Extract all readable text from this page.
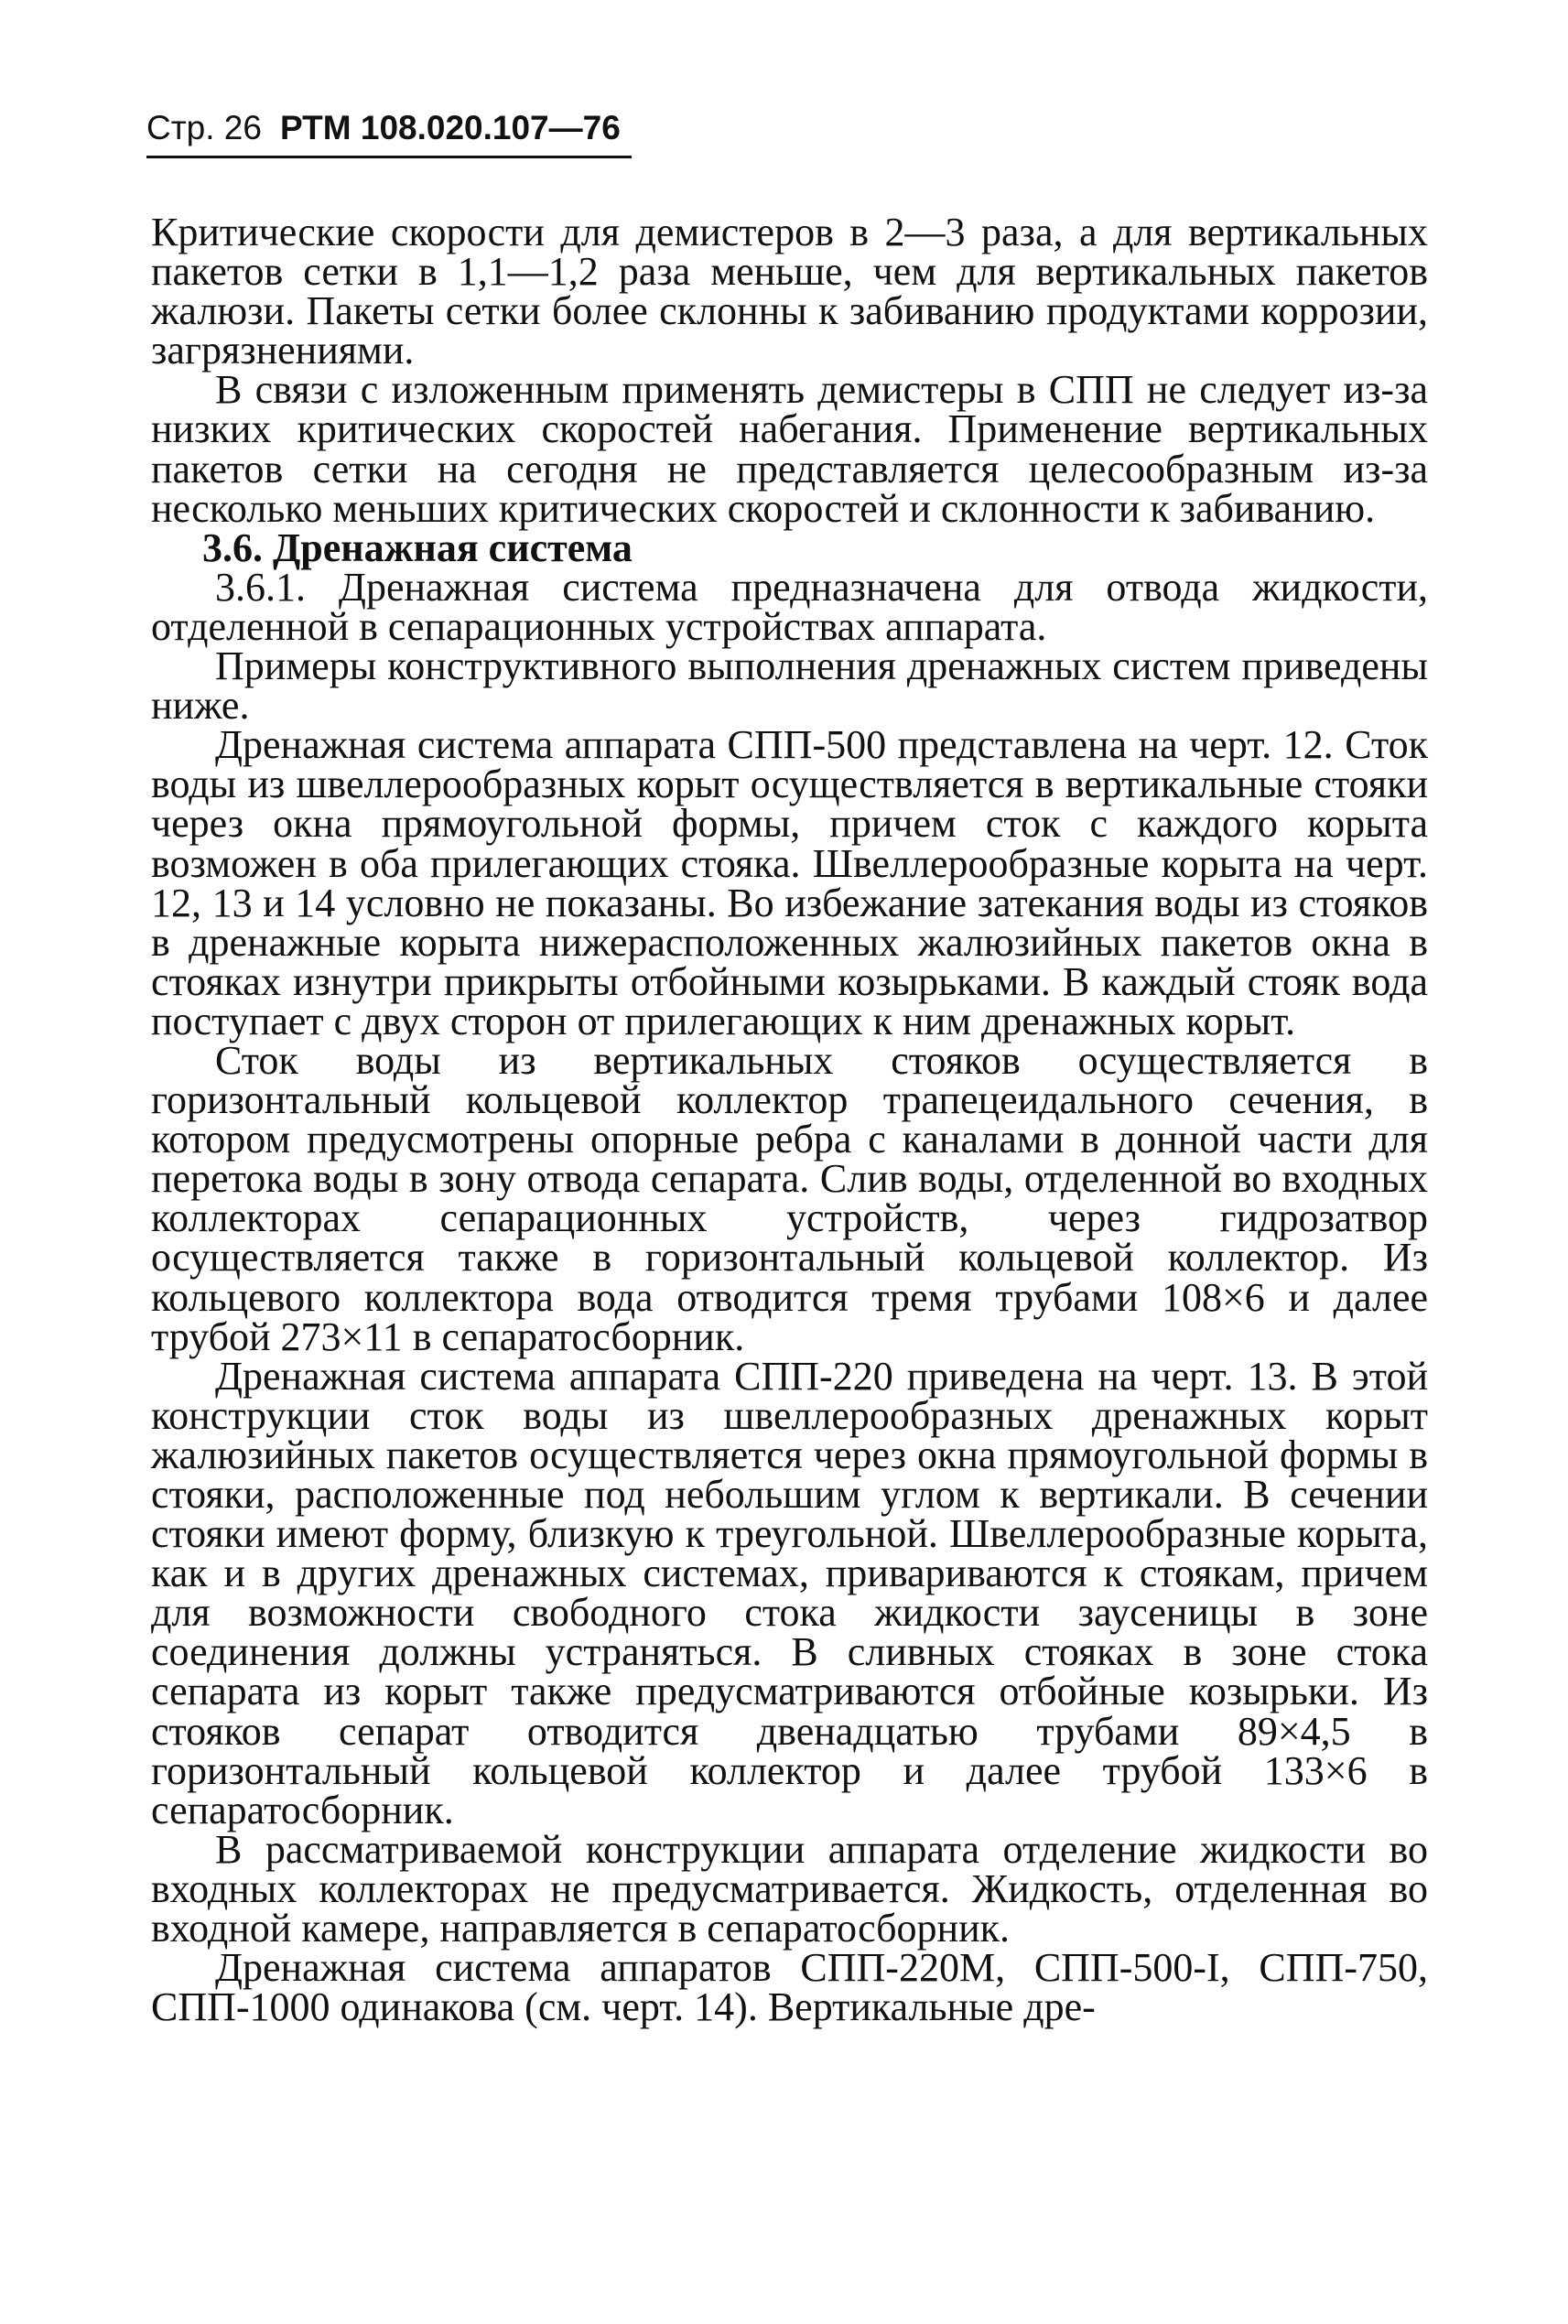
Стр. 26 РТМ 108.020.107—76

Критические скорости для демистеров в 2—3 раза, а для вертикальных пакетов сетки в 1,1—1,2 раза меньше, чем для вертикальных пакетов жалюзи. Пакеты сетки более склонны к забиванию продуктами коррозии, загрязнениями.

В связи с изложенным применять демистеры в СПП не следует из-за низких критических скоростей набегания. Применение вертикальных пакетов сетки на сегодня не представляется целесообразным из-за несколько меньших критических скоростей и склонности к забиванию.

3.6. Дренажная система

3.6.1. Дренажная система предназначена для отвода жидкости, отделенной в сепарационных устройствах аппарата.

Примеры конструктивного выполнения дренажных систем приведены ниже.

Дренажная система аппарата СПП-500 представлена на черт. 12. Сток воды из швеллерообразных корыт осуществляется в вертикальные стояки через окна прямоугольной формы, причем сток с каждого корыта возможен в оба прилегающих стояка. Швеллерообразные корыта на черт. 12, 13 и 14 условно не показаны. Во избежание затекания воды из стояков в дренажные корыта нижерасположенных жалюзийных пакетов окна в стояках изнутри прикрыты отбойными козырьками. В каждый стояк вода поступает с двух сторон от прилегающих к ним дренажных корыт.

Сток воды из вертикальных стояков осуществляется в горизонтальный кольцевой коллектор трапецеидального сечения, в котором предусмотрены опорные ребра с каналами в донной части для перетока воды в зону отвода сепарата. Слив воды, отделенной во входных коллекторах сепарационных устройств, через гидрозатвор осуществляется также в горизонтальный кольцевой коллектор. Из кольцевого коллектора вода отводится тремя трубами 108×6 и далее трубой 273×11 в сепаратосборник.

Дренажная система аппарата СПП-220 приведена на черт. 13. В этой конструкции сток воды из швеллерообразных дренажных корыт жалюзийных пакетов осуществляется через окна прямоугольной формы в стояки, расположенные под небольшим углом к вертикали. В сечении стояки имеют форму, близкую к треугольной. Швеллерообразные корыта, как и в других дренажных системах, привариваются к стоякам, причем для возможности свободного стока жидкости заусеницы в зоне соединения должны устраняться. В сливных стояках в зоне стока сепарата из корыт также предусматриваются отбойные козырьки. Из стояков сепарат отводится двенадцатью трубами 89×4,5 в горизонтальный кольцевой коллектор и далее трубой 133×6 в сепаратосборник.

В рассматриваемой конструкции аппарата отделение жидкости во входных коллекторах не предусматривается. Жидкость, отделенная во входной камере, направляется в сепаратосборник.

Дренажная система аппаратов СПП-220М, СПП-500-I, СПП-750, СПП-1000 одинакова (см. черт. 14). Вертикальные дре-
